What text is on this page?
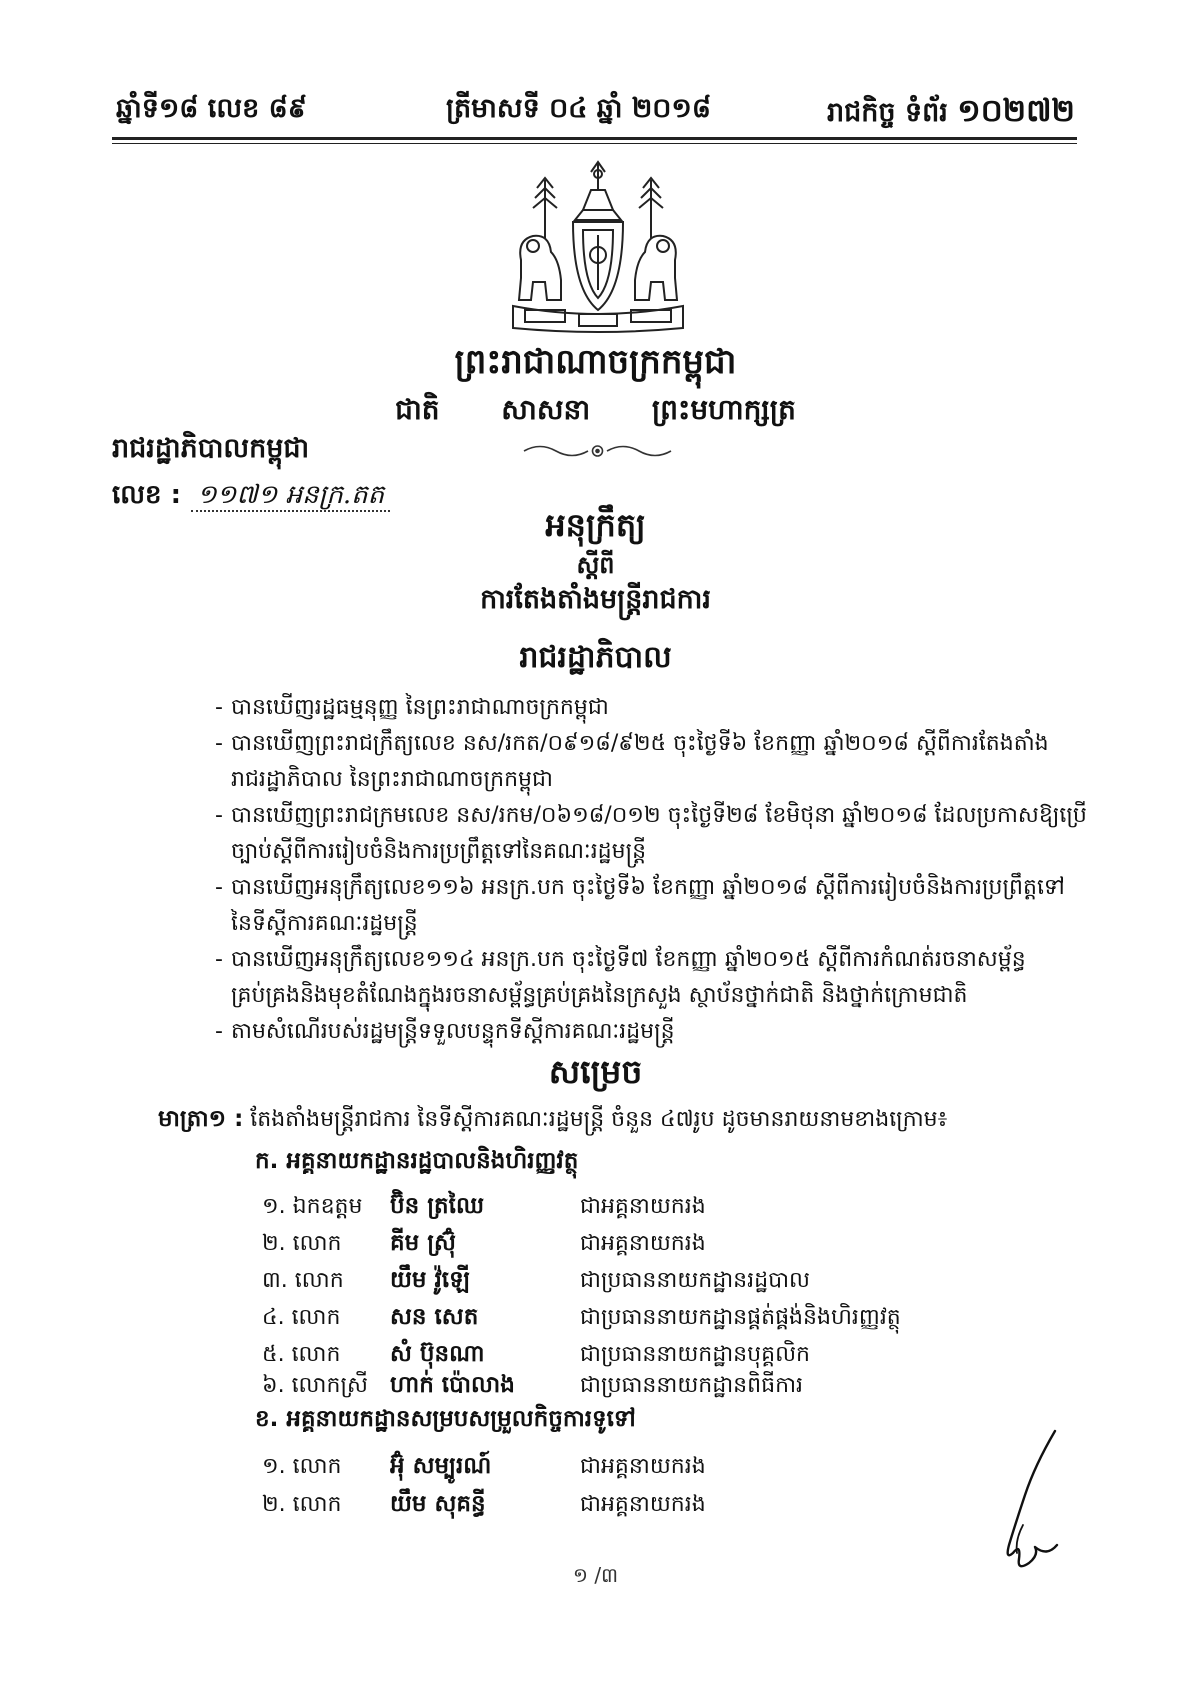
ឆ្នាំទី១៨ លេខ ៨៩	ត្រីមាសទី ០៤ ឆ្នាំ ២០១៨	រាជកិច្ច ទំព័រ ១០២៧២
ព្រះរាជាណាចក្រកម្ពុជា
ជាតិ សាសនា ព្រះមហាក្សត្រ
រាជរដ្ឋាភិបាលកម្ពុជា
លេខ : ១១៧១ អនក្រ.តត
អនុក្រឹត្យ
ស្តីពី
ការតែងតាំងមន្ត្រីរាជការ
រាជរដ្ឋាភិបាល
- បានឃើញរដ្ឋធម្មនុញ្ញ នៃព្រះរាជាណាចក្រកម្ពុជា
- បានឃើញព្រះរាជក្រឹត្យលេខ នស/រកត/០៩១៨/៩២៥ ចុះថ្ងៃទី៦ ខែកញ្ញា ឆ្នាំ២០១៨ ស្តីពីការតែងតាំង
រាជរដ្ឋាភិបាល នៃព្រះរាជាណាចក្រកម្ពុជា
- បានឃើញព្រះរាជក្រមលេខ នស/រកម/០៦១៨/០១២ ចុះថ្ងៃទី២៨ ខែមិថុនា ឆ្នាំ២០១៨ ដែលប្រកាសឱ្យប្រើ
ច្បាប់ស្តីពីការរៀបចំនិងការប្រព្រឹត្តទៅនៃគណៈរដ្ឋមន្ត្រី
- បានឃើញអនុក្រឹត្យលេខ១១៦ អនក្រ.បក ចុះថ្ងៃទី៦ ខែកញ្ញា ឆ្នាំ២០១៨ ស្តីពីការរៀបចំនិងការប្រព្រឹត្តទៅ
នៃទីស្តីការគណៈរដ្ឋមន្ត្រី
- បានឃើញអនុក្រឹត្យលេខ១១៤ អនក្រ.បក ចុះថ្ងៃទី៧ ខែកញ្ញា ឆ្នាំ២០១៥ ស្តីពីការកំណត់រចនាសម្ព័ន្ធ
គ្រប់គ្រងនិងមុខតំណែងក្នុងរចនាសម្ព័ន្ធគ្រប់គ្រងនៃក្រសួង ស្ថាប័នថ្នាក់ជាតិ និងថ្នាក់ក្រោមជាតិ
- តាមសំណើរបស់រដ្ឋមន្ត្រីទទួលបន្ទុកទីស្តីការគណៈរដ្ឋមន្ត្រី
សម្រេច
មាត្រា១ : តែងតាំងមន្ត្រីរាជការ នៃទីស្តីការគណៈរដ្ឋមន្ត្រី ចំនួន ៤៧រូប ដូចមានរាយនាមខាងក្រោម៖
ក. អគ្គនាយកដ្ឋានរដ្ឋបាលនិងហិរញ្ញវត្ថុ
១. ឯកឧត្តម ប៊ិន ត្រឈៃ	ជាអគ្គនាយករង
២. លោក គីម ស៊្រុំ	ជាអគ្គនាយករង
៣. លោក យឹម វ៉ូឡើ	ជាប្រធាននាយកដ្ឋានរដ្ឋបាល
៤. លោក សន សេត	ជាប្រធាននាយកដ្ឋានផ្គត់ផ្គង់និងហិរញ្ញវត្ថុ
៥. លោក សំ ប៊ុនណា	ជាប្រធាននាយកដ្ឋានបុគ្គលិក
៦. លោកស្រី ហាក់ ប៉ោលាង	ជាប្រធាននាយកដ្ឋានពិធីការ
ខ. អគ្គនាយកដ្ឋានសម្របសម្រួលកិច្ចការទូទៅ
១. លោក អ៊ុំ សម្បូរណ៍	ជាអគ្គនាយករង
២. លោក យឹម សុគន្ធី	ជាអគ្គនាយករង
១ /៣
